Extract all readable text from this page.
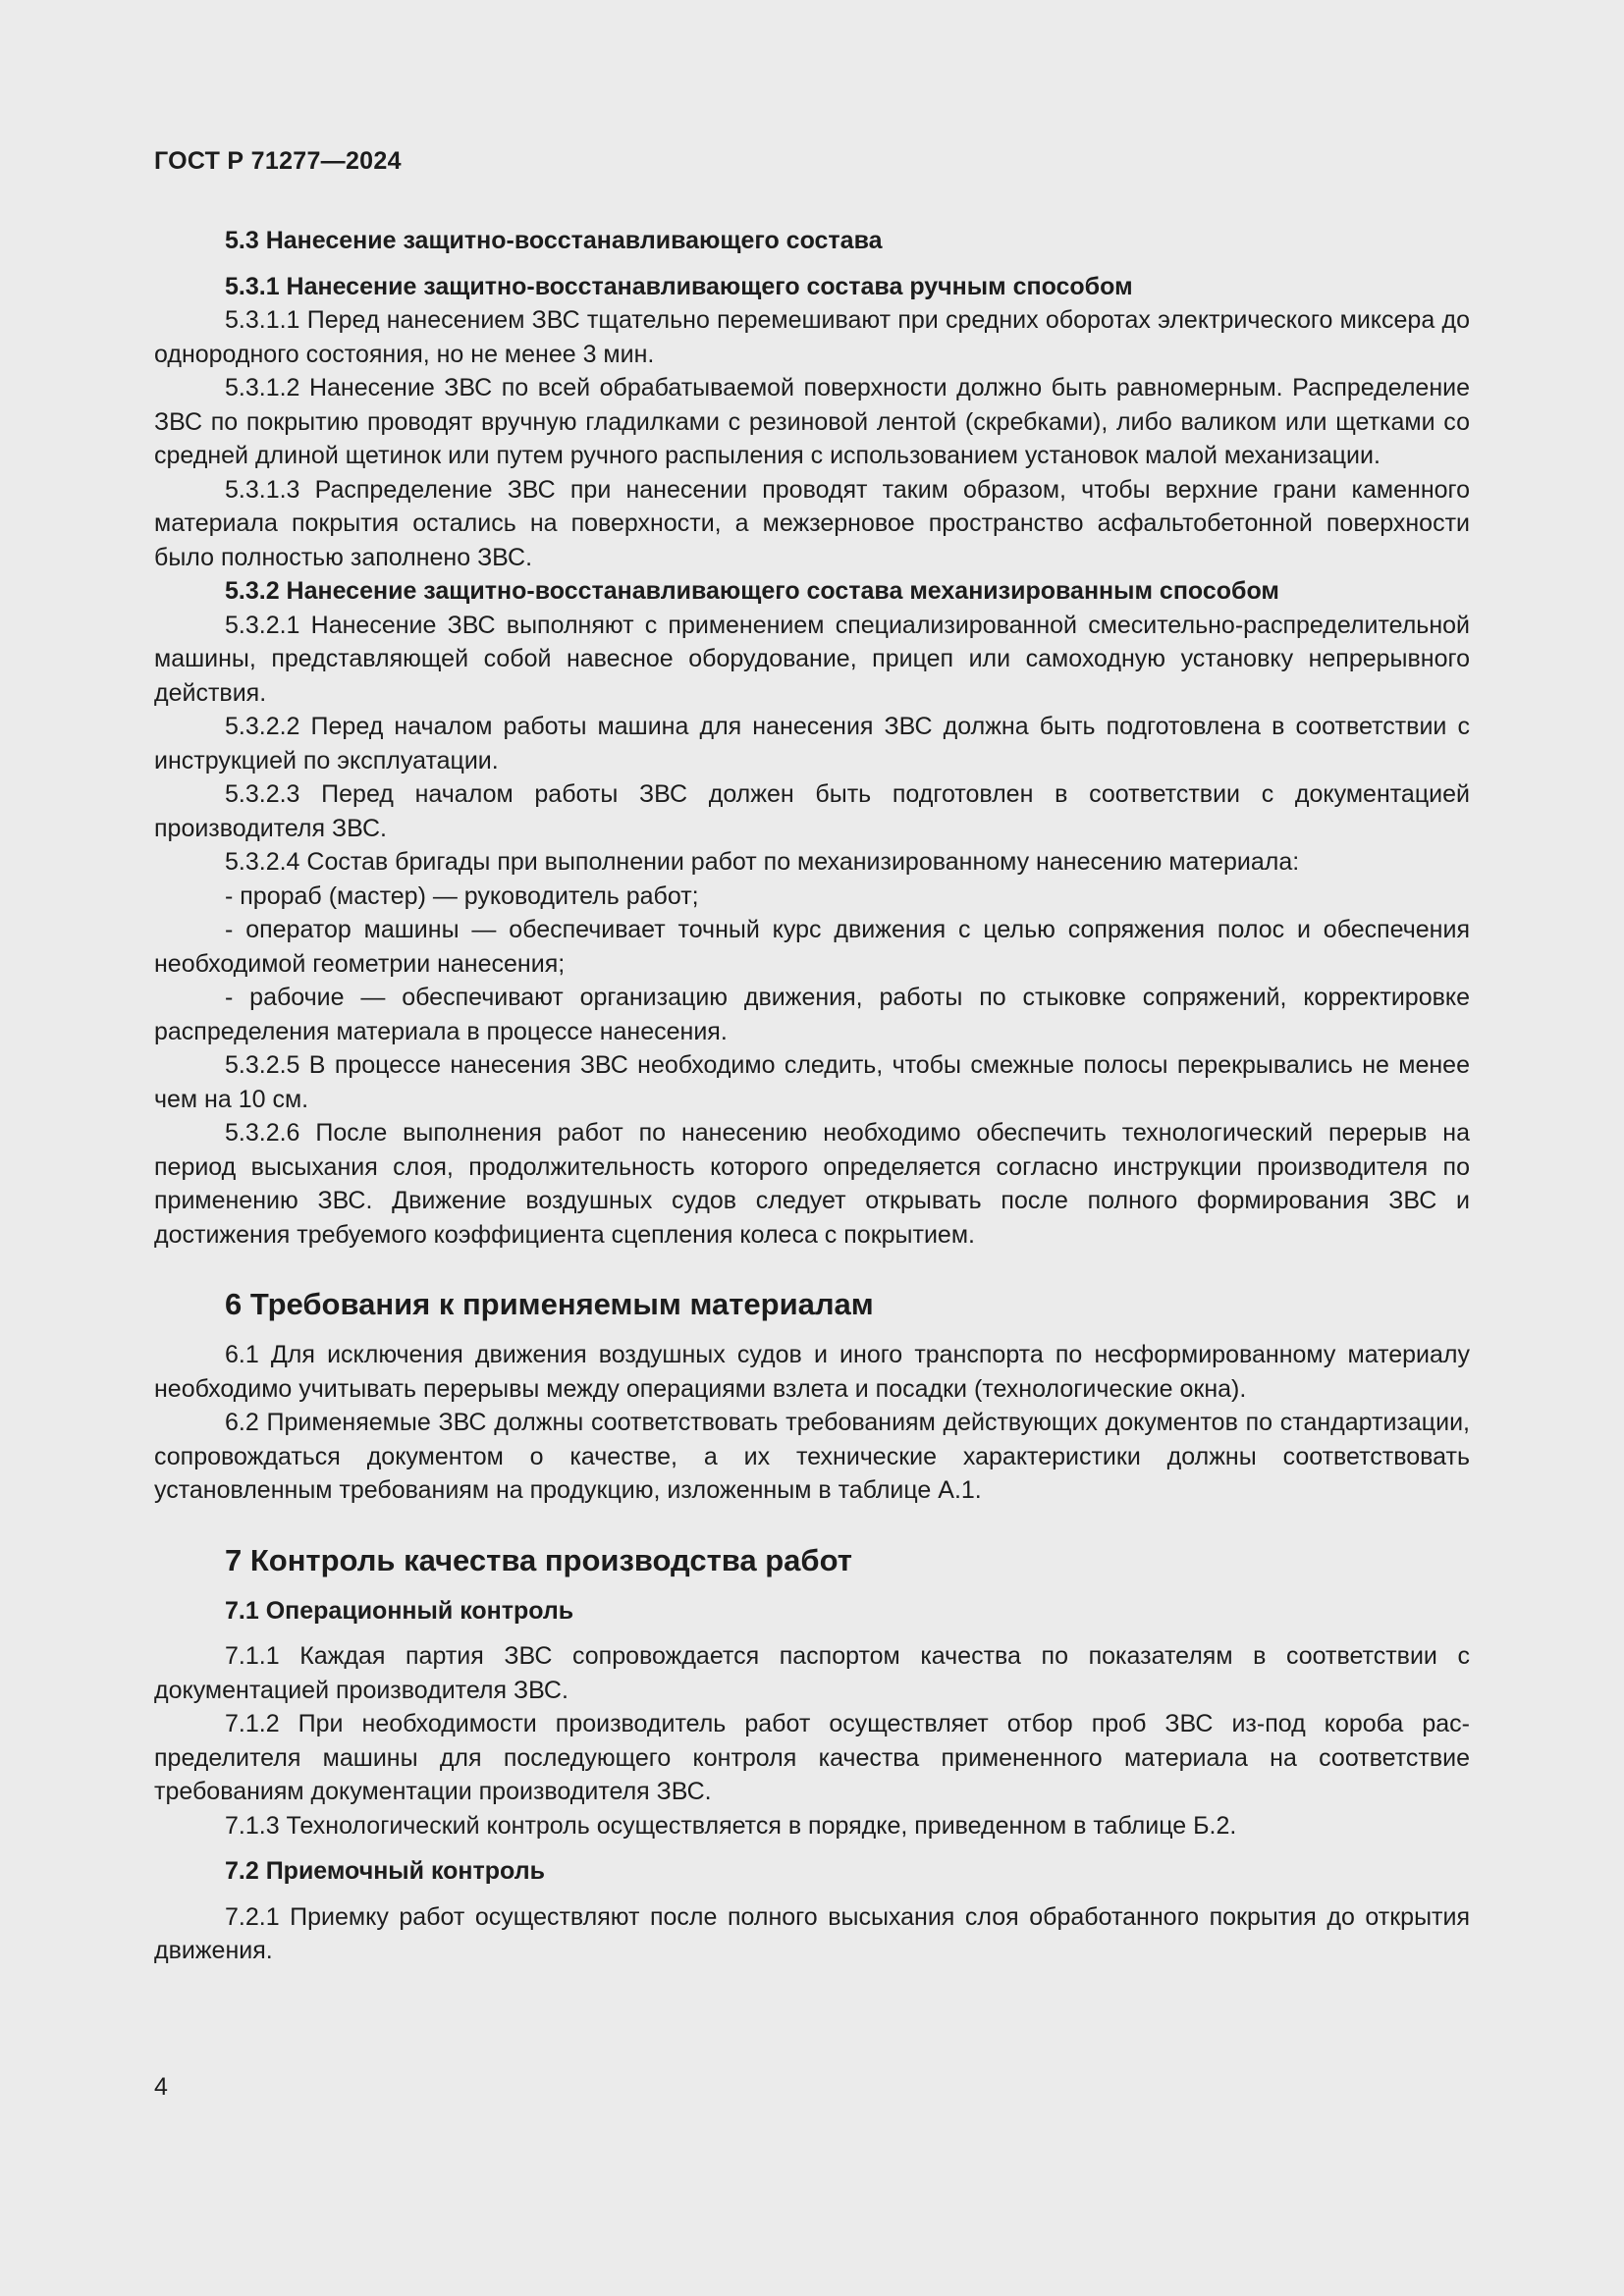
ГОСТ Р 71277—2024

5.3 Нанесение защитно-восстанавливающего состава

5.3.1 Нанесение защитно-восстанавливающего состава ручным способом

5.3.1.1 Перед нанесением ЗВС тщательно перемешивают при средних оборотах электрического миксера до однородного состояния, но не менее 3 мин.

5.3.1.2 Нанесение ЗВС по всей обрабатываемой поверхности должно быть равномерным. Распределение ЗВС по покрытию проводят вручную гладилками с резиновой лентой (скребками), либо валиком или щетками со средней длиной щетинок или путем ручного распыления с использованием установок малой механизации.

5.3.1.3 Распределение ЗВС при нанесении проводят таким образом, чтобы верхние грани каменного материала покрытия остались на поверхности, а межзерновое пространство асфальтобетонной поверхности было полностью заполнено ЗВС.

5.3.2 Нанесение защитно-восстанавливающего состава механизированным способом

5.3.2.1 Нанесение ЗВС выполняют с применением специализированной смесительно-распределительной машины, представляющей собой навесное оборудование, прицеп или самоходную установку непрерывного действия.

5.3.2.2 Перед началом работы машина для нанесения ЗВС должна быть подготовлена в соответствии с инструкцией по эксплуатации.

5.3.2.3 Перед началом работы ЗВС должен быть подготовлен в соответствии с документацией производителя ЗВС.

5.3.2.4 Состав бригады при выполнении работ по механизированному нанесению материала:

- прораб (мастер) — руководитель работ;

- оператор машины — обеспечивает точный курс движения с целью сопряжения полос и обеспечения необходимой геометрии нанесения;

- рабочие — обеспечивают организацию движения, работы по стыковке сопряжений, корректировке распределения материала в процессе нанесения.

5.3.2.5 В процессе нанесения ЗВС необходимо следить, чтобы смежные полосы перекрывались не менее чем на 10 см.

5.3.2.6 После выполнения работ по нанесению необходимо обеспечить технологический перерыв на период высыхания слоя, продолжительность которого определяется согласно инструкции производителя по применению ЗВС. Движение воздушных судов следует открывать после полного формирования ЗВС и достижения требуемого коэффициента сцепления колеса с покрытием.

6 Требования к применяемым материалам

6.1 Для исключения движения воздушных судов и иного транспорта по несформированному материалу необходимо учитывать перерывы между операциями взлета и посадки (технологические окна).

6.2 Применяемые ЗВС должны соответствовать требованиям действующих документов по стандартизации, сопровождаться документом о качестве, а их технические характеристики должны соответствовать установленным требованиям на продукцию, изложенным в таблице А.1.

7 Контроль качества производства работ

7.1 Операционный контроль

7.1.1 Каждая партия ЗВС сопровождается паспортом качества по показателям в соответствии с документацией производителя ЗВС.

7.1.2 При необходимости производитель работ осуществляет отбор проб ЗВС из-под короба распределителя машины для последующего контроля качества примененного материала на соответствие требованиям документации производителя ЗВС.

7.1.3 Технологический контроль осуществляется в порядке, приведенном в таблице Б.2.

7.2 Приемочный контроль

7.2.1 Приемку работ осуществляют после полного высыхания слоя обработанного покрытия до открытия движения.

4
